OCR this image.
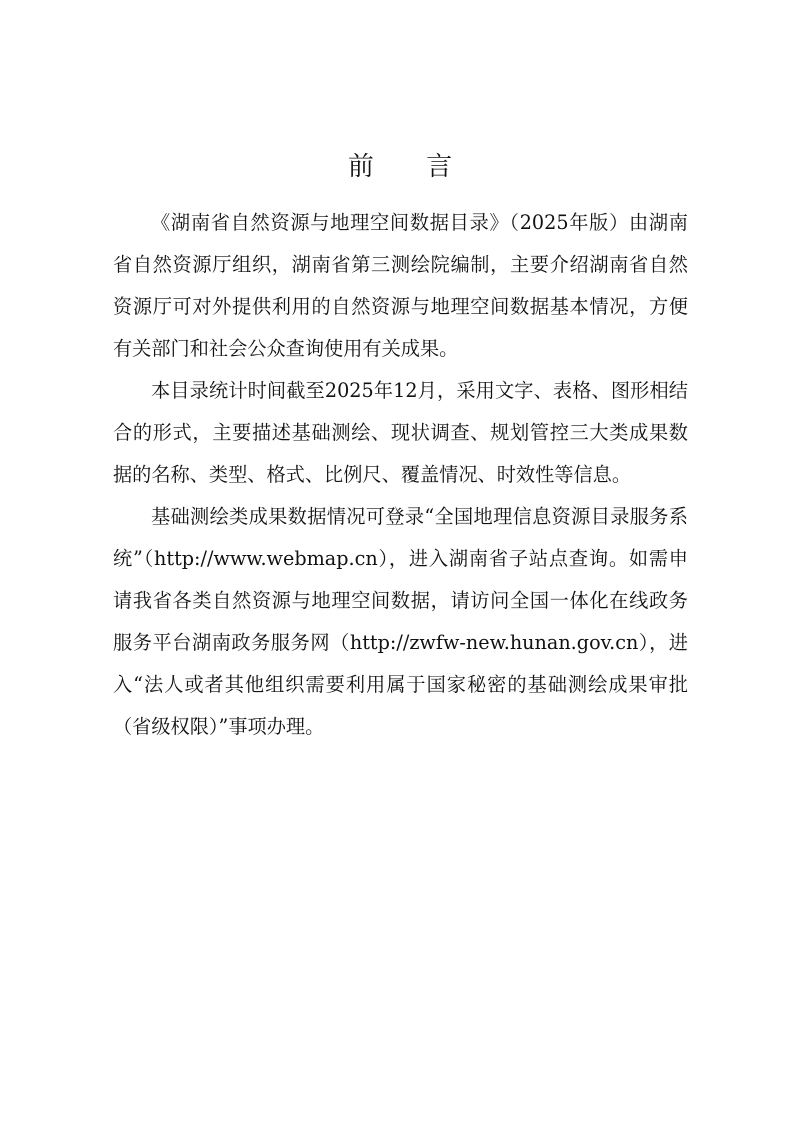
前 言

《湖南省自然资源与地理空间数据目录》（2025年版）由湖南省自然资源厅组织，湖南省第三测绘院编制，主要介绍湖南省自然资源厅可对外提供利用的自然资源与地理空间数据基本情况，方便有关部门和社会公众查询使用有关成果。

本目录统计时间截至2025年12月，采用文字、表格、图形相结合的形式，主要描述基础测绘、现状调查、规划管控三大类成果数据的名称、类型、格式、比例尺、覆盖情况、时效性等信息。

基础测绘类成果数据情况可登录“全国地理信息资源目录服务系统”（http://www.webmap.cn），进入湖南省子站点查询。如需申请我省各类自然资源与地理空间数据，请访问全国一体化在线政务服务平台湖南政务服务网（http://zwfw-new.hunan.gov.cn），进入“法人或者其他组织需要利用属于国家秘密的基础测绘成果审批（省级权限）”事项办理。
